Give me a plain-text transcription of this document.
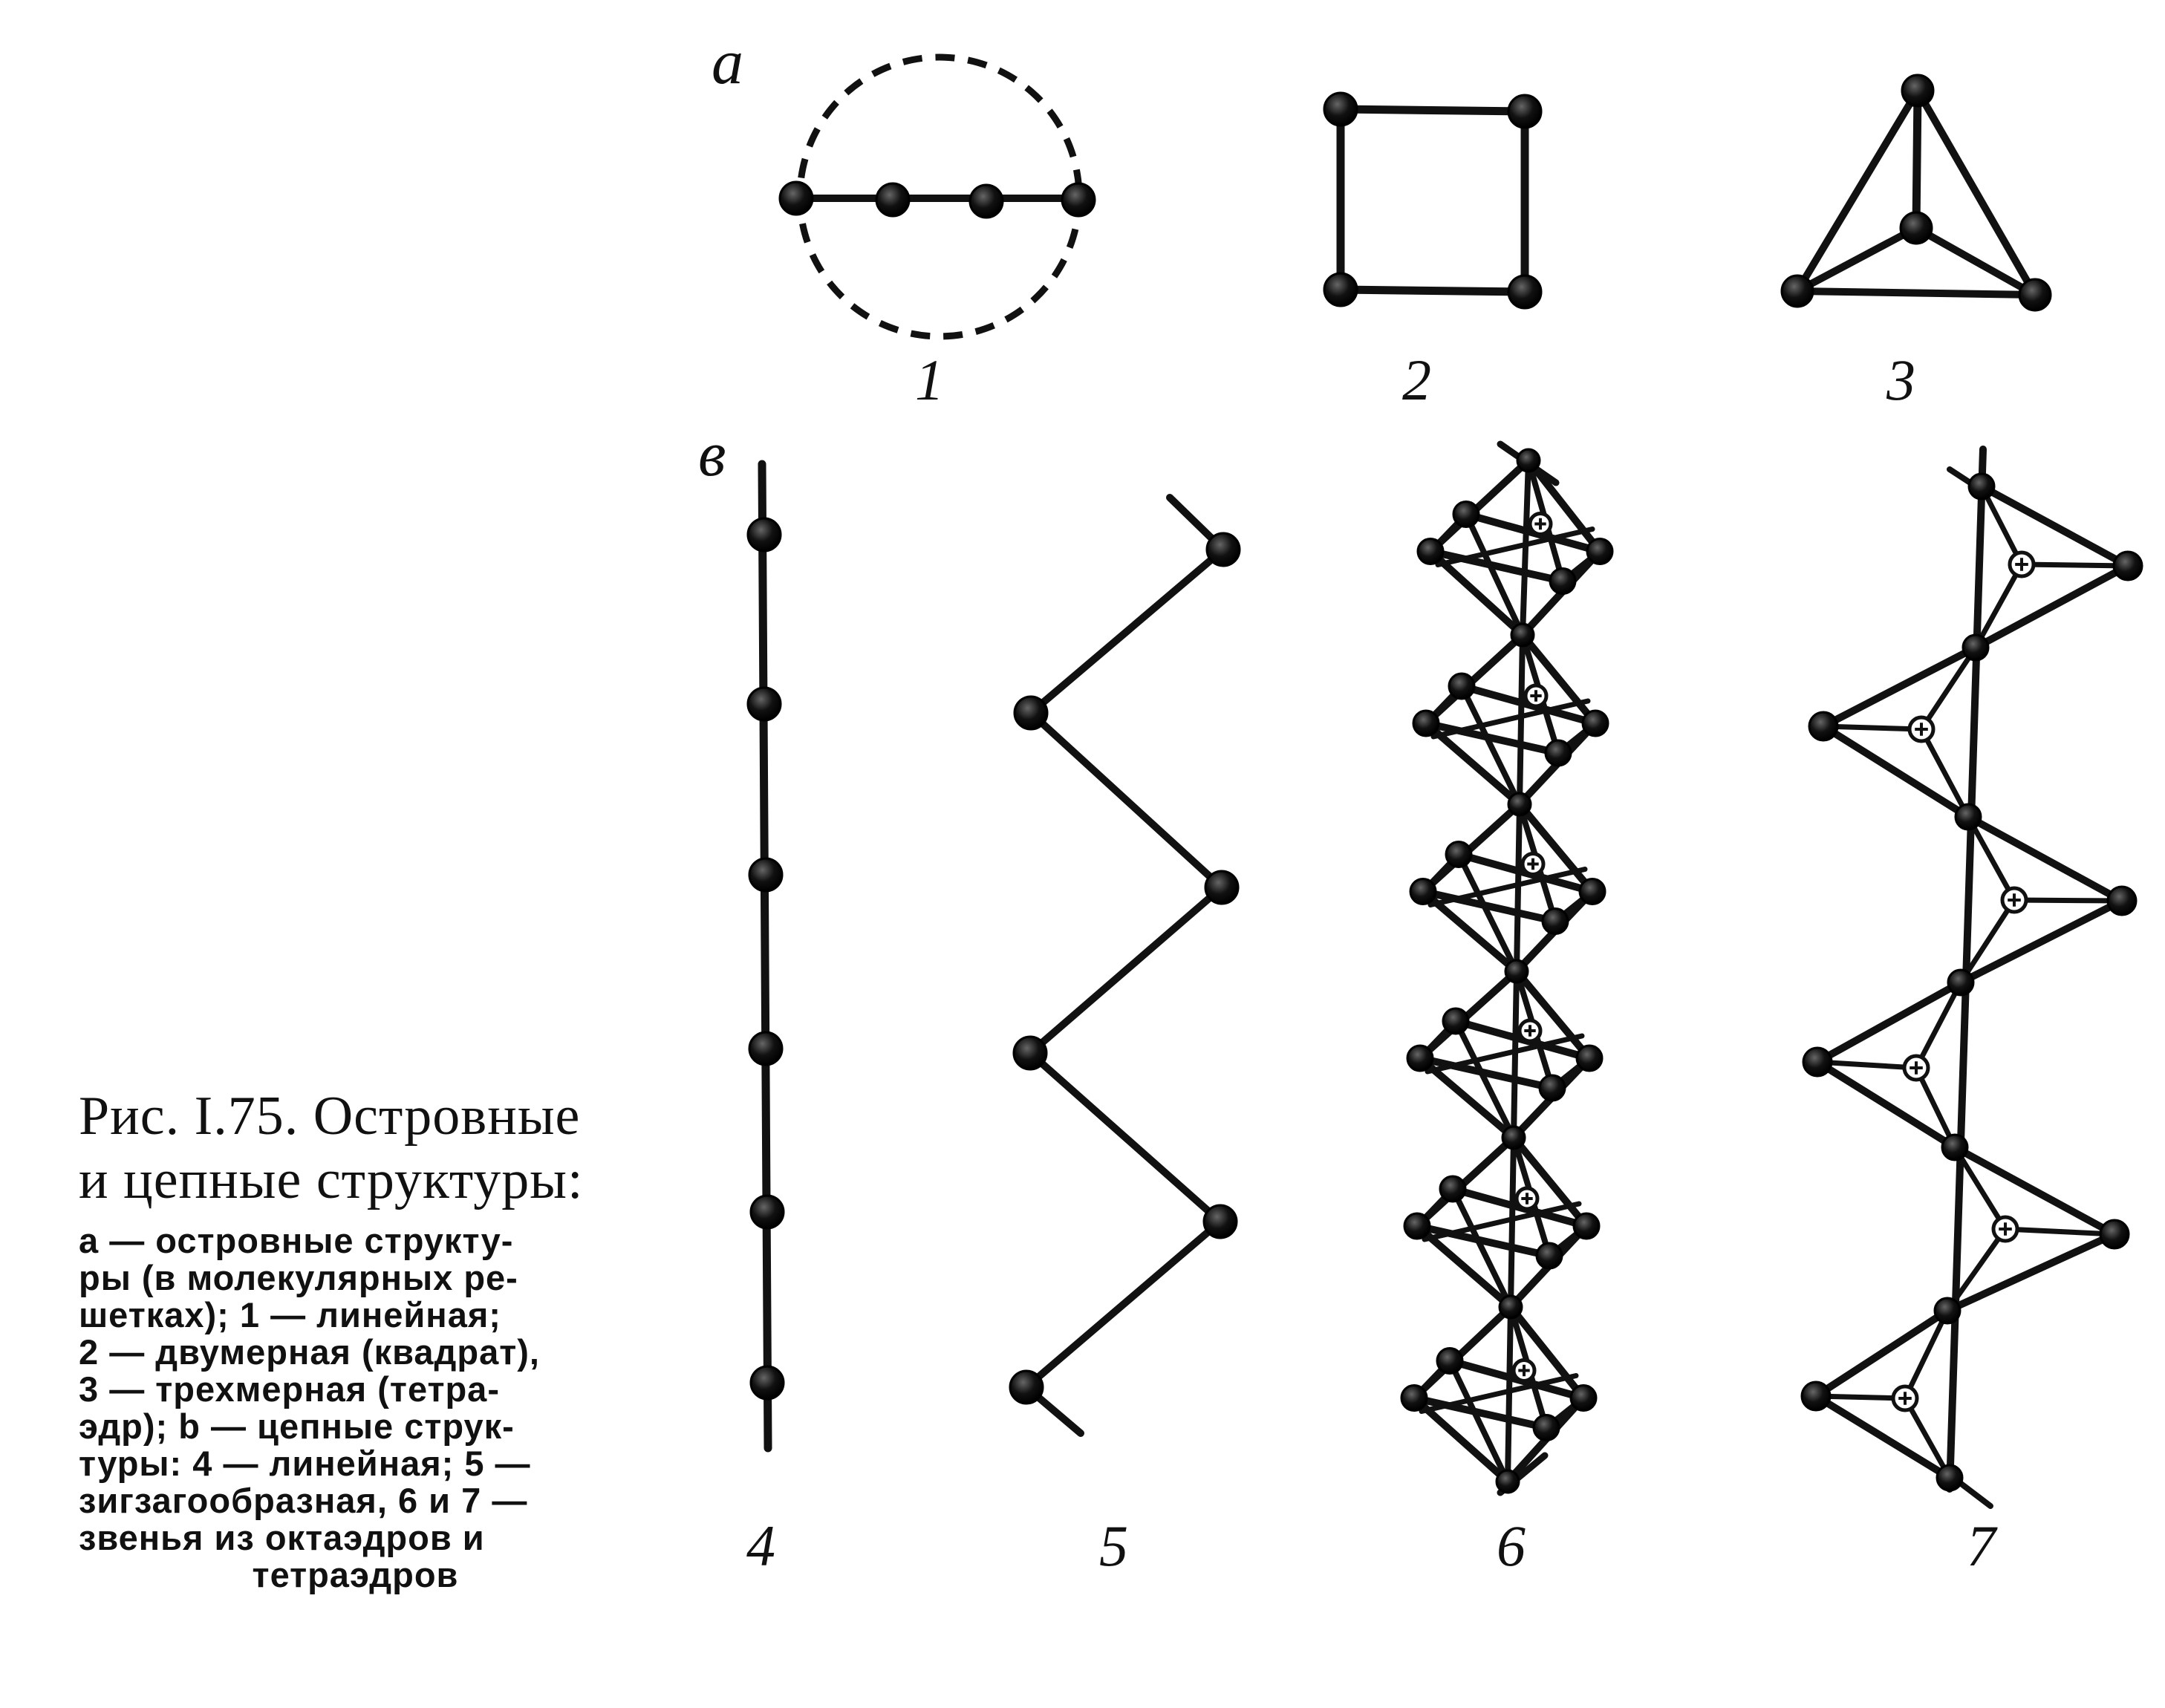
a
в
1	2	3
4	5	6	7
Рис. I.75. Островные
и цепные структуры:
а — островные структу-
ры (в молекулярных ре-
шетках); 1 — линейная;
2 — двумерная (квадрат),
3 — трехмерная (тетра-
эдр); b — цепные струк-
туры: 4 — линейная; 5 —
зигзагообразная, 6 и 7 —
звенья из октаэдров и
тетраэдров
